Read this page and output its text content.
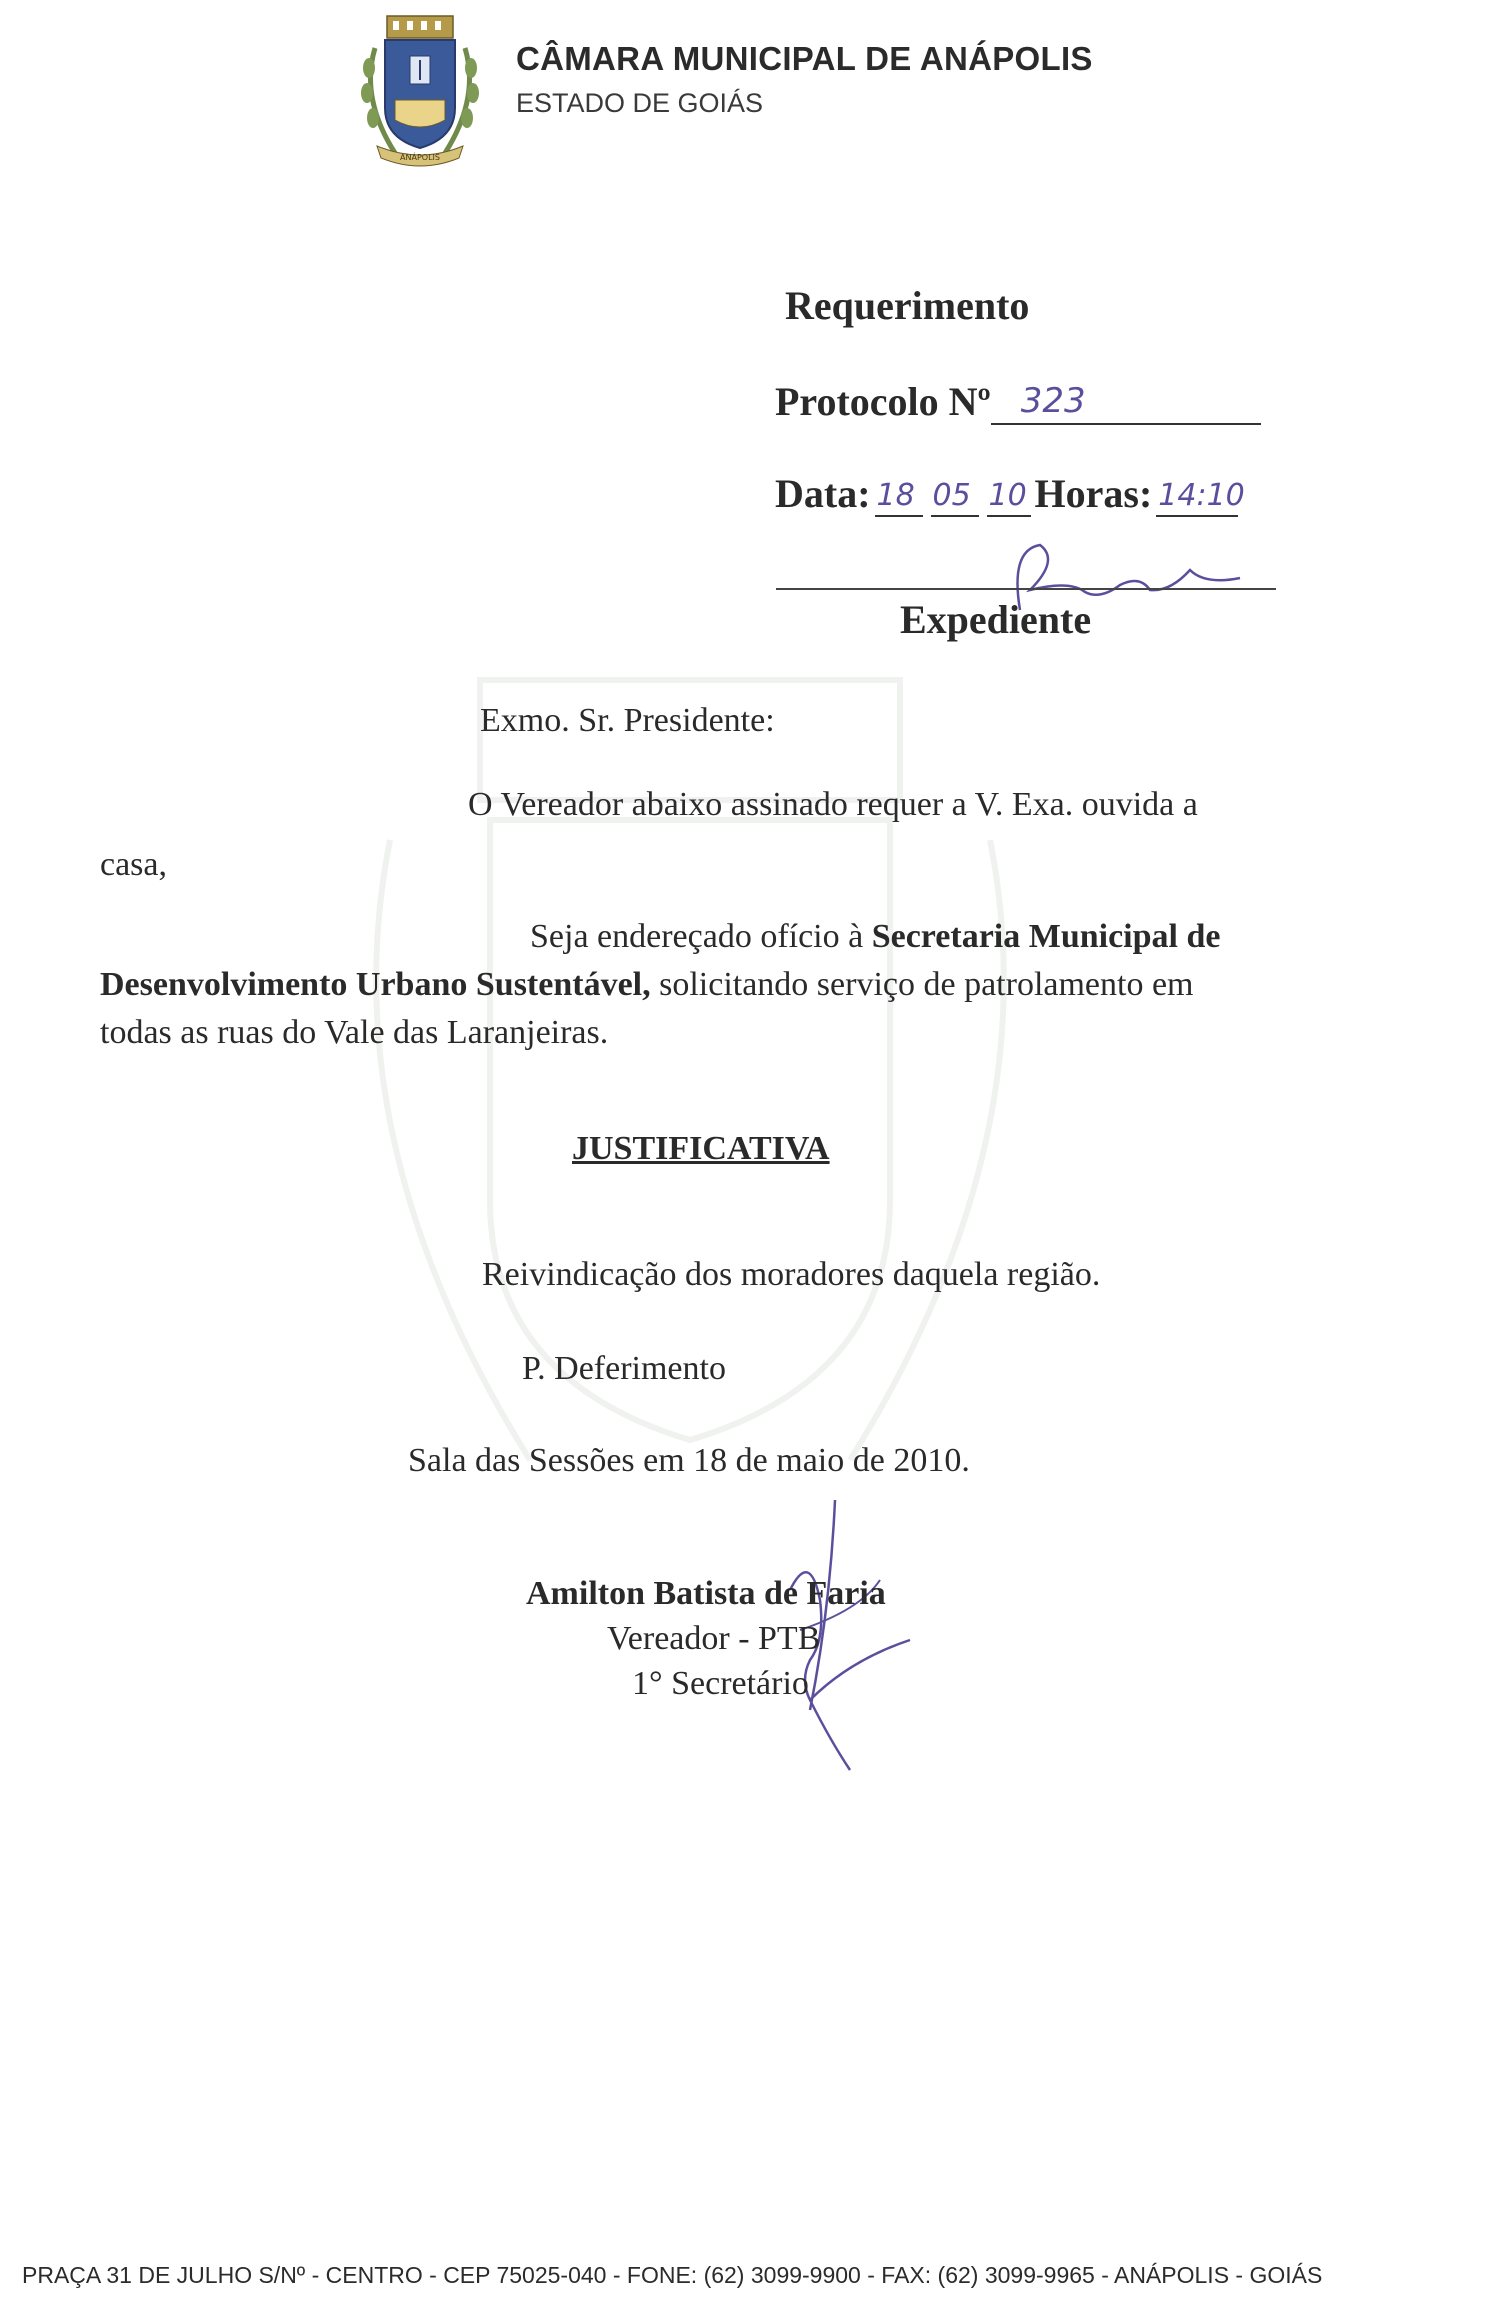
ANÁPOLIS
CÂMARA MUNICIPAL DE ANÁPOLIS
ESTADO DE GOIÁS
Requerimento
Protocolo Nº 323
Data: 18 05 10 Horas: 14:10
Expediente
Exmo. Sr. Presidente:
O Vereador abaixo assinado requer a V. Exa. ouvida a
casa,
Seja endereçado ofício à Secretaria Municipal de
Desenvolvimento Urbano Sustentável, solicitando serviço de patrolamento em
todas as ruas do Vale das Laranjeiras.
JUSTIFICATIVA
Reivindicação dos moradores daquela região.
P. Deferimento
Sala das Sessões em 18 de maio de 2010.
Amilton Batista de Faria
Vereador - PTB
1° Secretário
PRAÇA 31 DE JULHO S/Nº - CENTRO - CEP 75025-040 - FONE: (62) 3099-9900 - FAX: (62) 3099-9965 - ANÁPOLIS - GOIÁS
